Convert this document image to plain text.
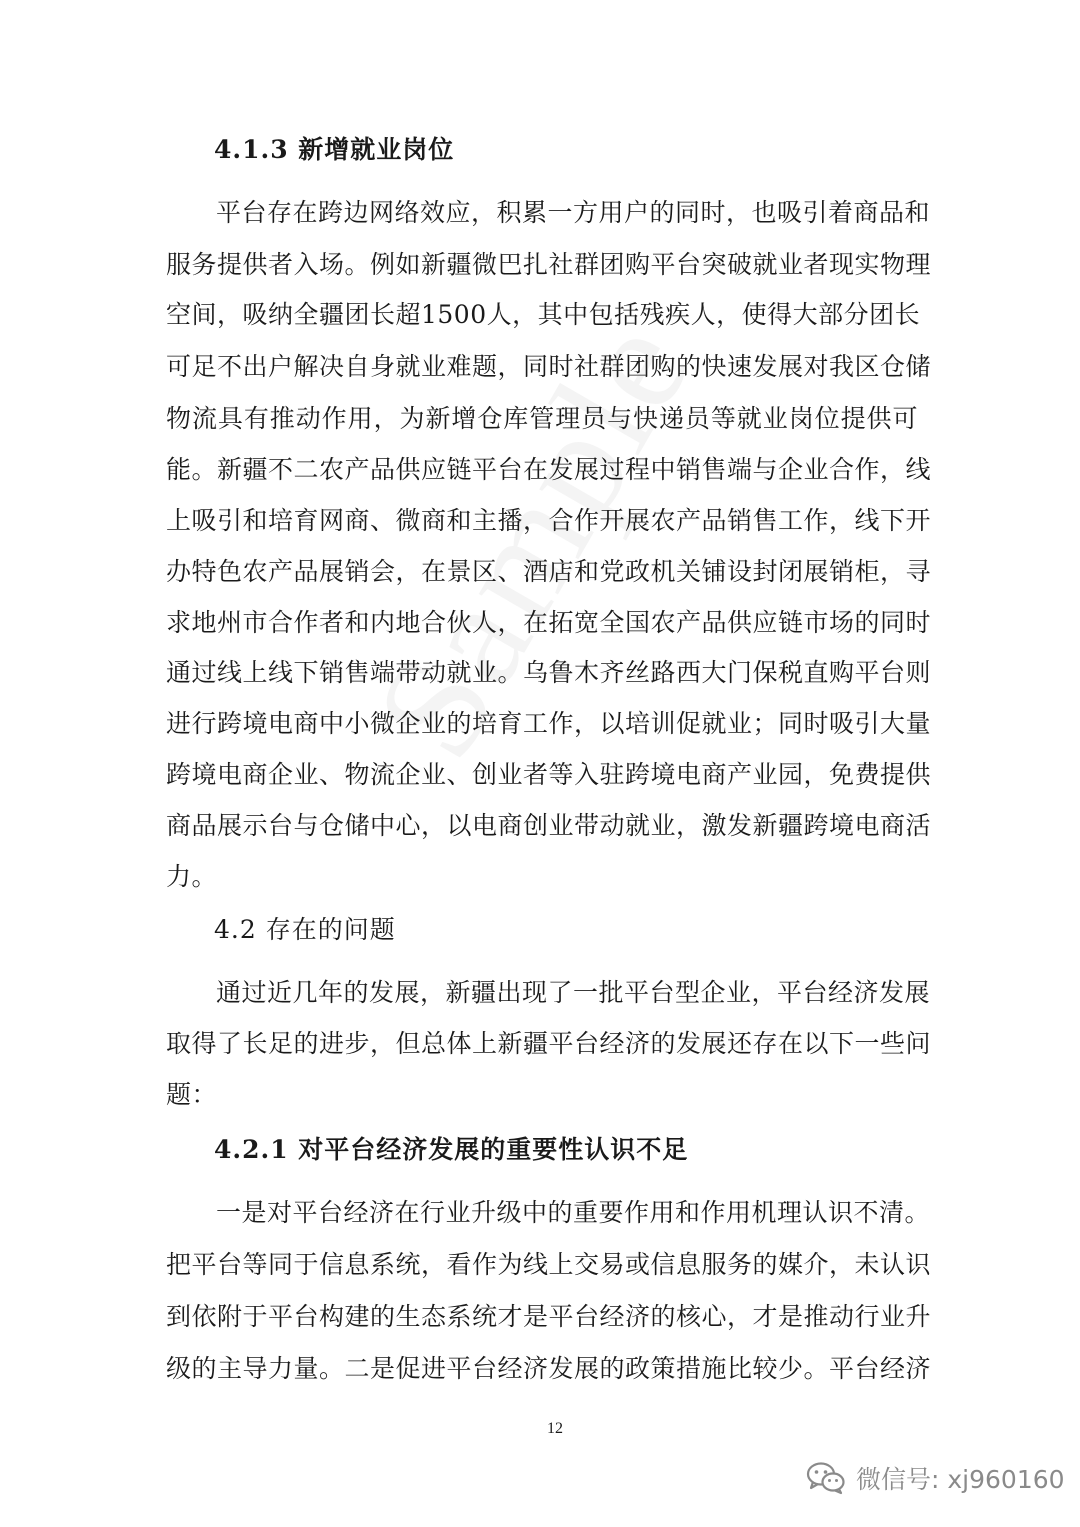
4.1.3 新增就业岗位
平台存在跨边网络效应，积累一方用户的同时，也吸引着商品和
服务提供者入场。例如新疆微巴扎社群团购平台突破就业者现实物理
空间，吸纳全疆团长超1500人，其中包括残疾人，使得大部分团长
可足不出户解决自身就业难题，同时社群团购的快速发展对我区仓储
物流具有推动作用，为新增仓库管理员与快递员等就业岗位提供可
能。新疆不二农产品供应链平台在发展过程中销售端与企业合作，线
上吸引和培育网商、微商和主播，合作开展农产品销售工作，线下开
办特色农产品展销会，在景区、酒店和党政机关铺设封闭展销柜，寻
求地州市合作者和内地合伙人，在拓宽全国农产品供应链市场的同时
通过线上线下销售端带动就业。乌鲁木齐丝路西大门保税直购平台则
进行跨境电商中小微企业的培育工作，以培训促就业；同时吸引大量
跨境电商企业、物流企业、创业者等入驻跨境电商产业园，免费提供
商品展示台与仓储中心，以电商创业带动就业，激发新疆跨境电商活
力。
4.2 存在的问题
通过近几年的发展，新疆出现了一批平台型企业，平台经济发展
取得了长足的进步，但总体上新疆平台经济的发展还存在以下一些问
题：
4.2.1 对平台经济发展的重要性认识不足
一是对平台经济在行业升级中的重要作用和作用机理认识不清。
把平台等同于信息系统，看作为线上交易或信息服务的媒介，未认识
到依附于平台构建的生态系统才是平台经济的核心，才是推动行业升
级的主导力量。二是促进平台经济发展的政策措施比较少。平台经济
12
微信号: xj960160
